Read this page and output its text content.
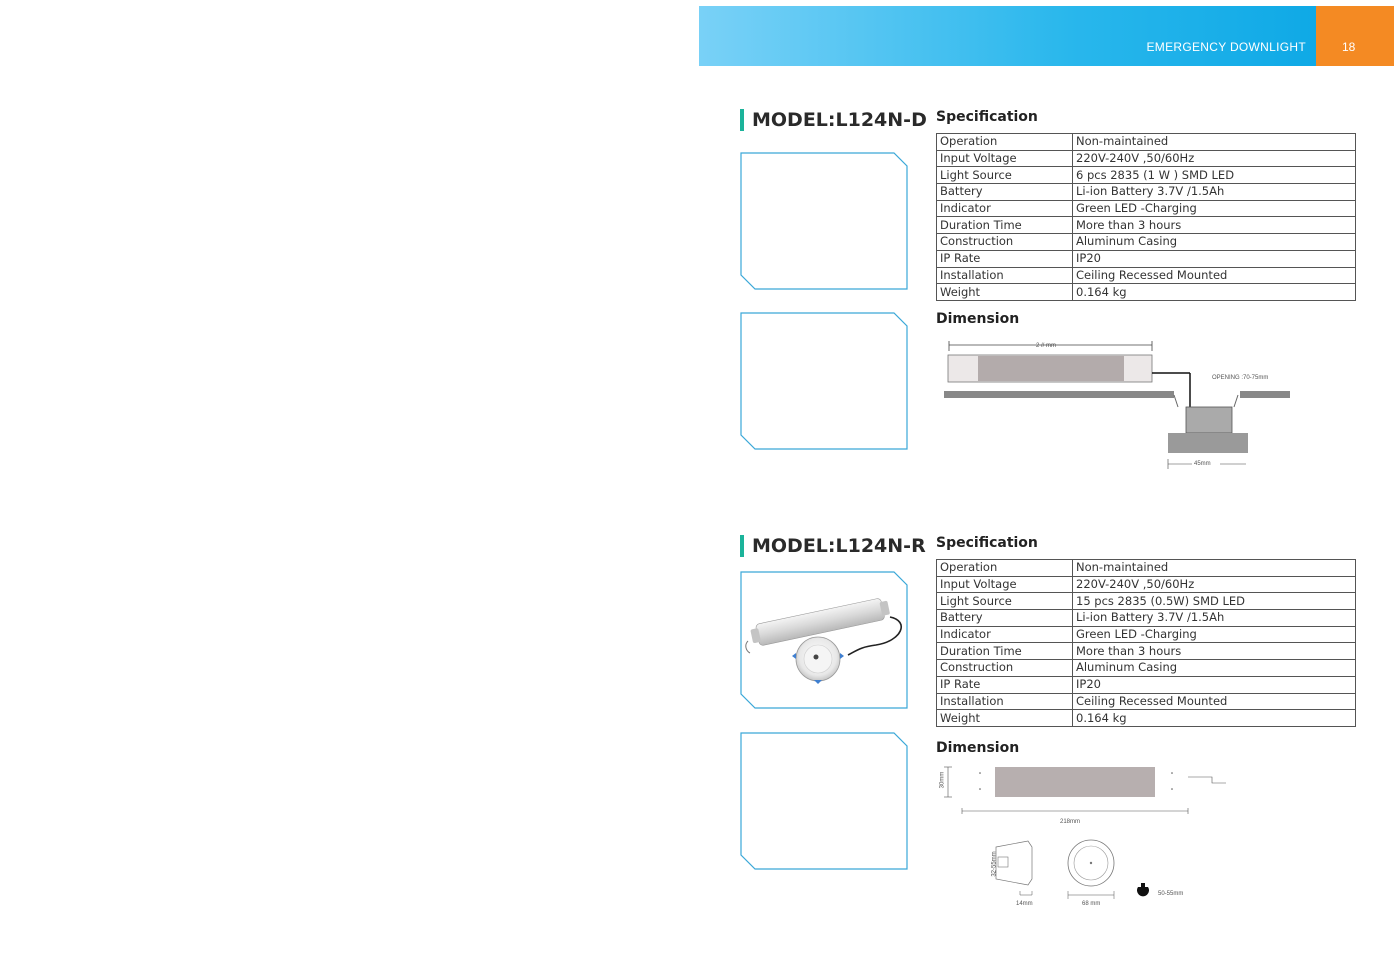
EMERGENCY DOWNLIGHT	18
MODEL:L124N-D Specification
Operation	Non-maintained
Input Voltage	220V-240V ,50/60Hz
Light Source	6 pcs 2835 (1 W ) SMD LED
Battery	Li-ion Battery 3.7V /1.5Ah
Indicator	Green LED -Charging
Duration Time	More than 3 hours
Construction	Aluminum Casing
IP Rate	IP20
Installation	Ceiling Recessed Mounted
Weight	0.164 kg
Dimension
2 // mm
OPENING :70-75mm
45mm
MODEL:L124N-R Specification
Operation	Non-maintained
Input Voltage	220V-240V ,50/60Hz
Light Source	15 pcs 2835 (0.5W) SMD LED
Battery	Li-ion Battery 3.7V /1.5Ah
Indicator	Green LED -Charging
Duration Time	More than 3 hours
Construction	Aluminum Casing
IP Rate	IP20
Installation	Ceiling Recessed Mounted
Weight	0.164 kg
Dimension
30mm
218mm
32-55mm
14mm	68 mm
50-55mm
